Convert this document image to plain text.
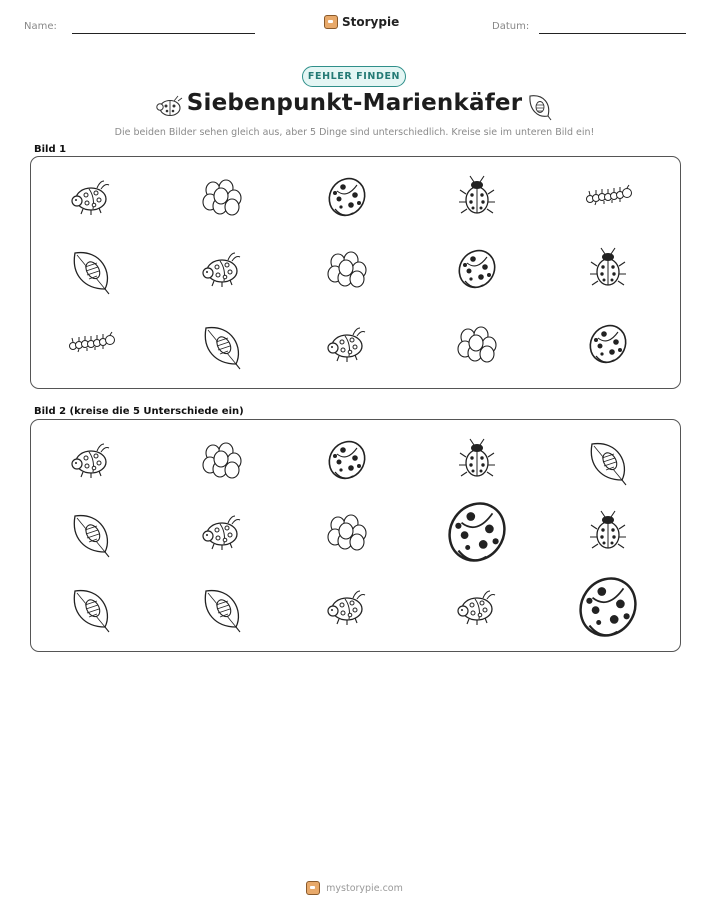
Name:	Storypie	Datum:
FEHLER FINDEN
Siebenpunkt-Marienkäfer
Die beiden Bilder sehen gleich aus, aber 5 Dinge sind unterschiedlich. Kreise sie im unteren Bild ein!
Bild 1
Bild 2 (kreise die 5 Unterschiede ein)
mystorypie.com
